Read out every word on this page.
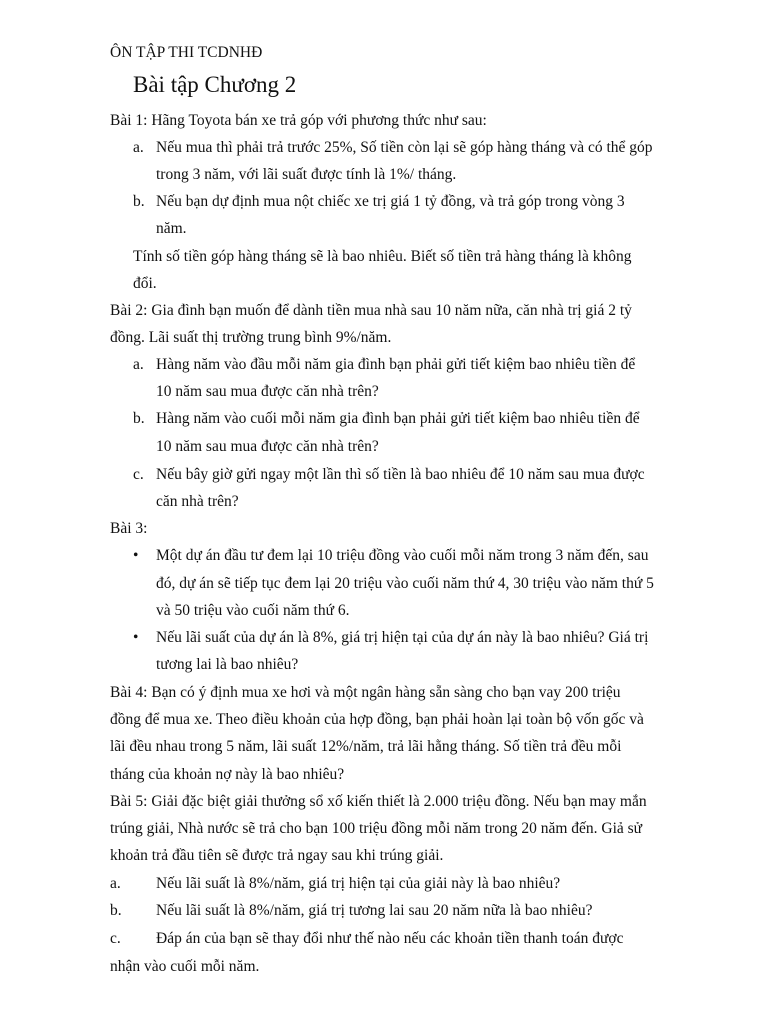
ÔN TẬP THI TCDNHĐ
Bài tập Chương 2
Bài 1: Hãng Toyota bán xe trả góp với phương thức như sau:
a. Nếu mua thì phải trả trước 25%, Số tiền còn lại sẽ góp hàng tháng và có thể góp
trong 3 năm, với lãi suất được tính là 1%/ tháng.
b. Nếu bạn dự định mua nột chiếc xe trị giá 1 tỷ đồng, và trả góp trong vòng 3
năm.
Tính số tiền góp hàng tháng sẽ là bao nhiêu. Biết số tiền trả hàng tháng là không
đổi.
Bài 2: Gia đình bạn muốn để dành tiền mua nhà sau 10 năm nữa, căn nhà trị giá 2 tỷ
đồng. Lãi suất thị trường trung bình 9%/năm.
a. Hàng năm vào đầu mỗi năm gia đình bạn phải gửi tiết kiệm bao nhiêu tiền để
10 năm sau mua được căn nhà trên?
b. Hàng năm vào cuối mỗi năm gia đình bạn phải gửi tiết kiệm bao nhiêu tiền để
10 năm sau mua được căn nhà trên?
c. Nếu bây giờ gửi ngay một lần thì số tiền là bao nhiêu để 10 năm sau mua được
căn nhà trên?
Bài 3:
• Một dự án đầu tư đem lại 10 triệu đồng vào cuối mỗi năm trong 3 năm đến, sau
đó, dự án sẽ tiếp tục đem lại 20 triệu vào cuối năm thứ 4, 30 triệu vào năm thứ 5
và 50 triệu vào cuối năm thứ 6.
• Nếu lãi suất của dự án là 8%, giá trị hiện tại của dự án này là bao nhiêu? Giá trị
tương lai là bao nhiêu?
Bài 4: Bạn có ý định mua xe hơi và một ngân hàng sẵn sàng cho bạn vay 200 triệu
đồng để mua xe. Theo điều khoản của hợp đồng, bạn phải hoàn lại toàn bộ vốn gốc và
lãi đều nhau trong 5 năm, lãi suất 12%/năm, trả lãi hằng tháng. Số tiền trả đều mỗi
tháng của khoản nợ này là bao nhiêu?
Bài 5: Giải đặc biệt giải thưởng sổ xố kiến thiết là 2.000 triệu đồng. Nếu bạn may mắn
trúng giải, Nhà nước sẽ trả cho bạn 100 triệu đồng mỗi năm trong 20 năm đến. Giả sử
khoản trả đầu tiên sẽ được trả ngay sau khi trúng giải.
a. Nếu lãi suất là 8%/năm, giá trị hiện tại của giải này là bao nhiêu?
b. Nếu lãi suất là 8%/năm, giá trị tương lai sau 20 năm nữa là bao nhiêu?
c. Đáp án của bạn sẽ thay đổi như thế nào nếu các khoản tiền thanh toán được
nhận vào cuối mỗi năm.
